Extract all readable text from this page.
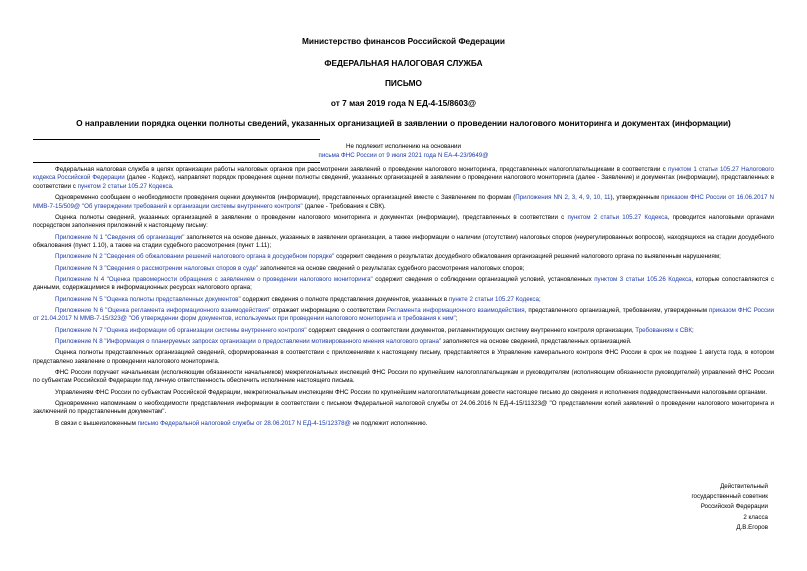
Министерство финансов Российской Федерации
ФЕДЕРАЛЬНАЯ НАЛОГОВАЯ СЛУЖБА
ПИСЬМО
от 7 мая 2019 года N ЕД-4-15/8603@
О направлении порядка оценки полноты сведений, указанных организацией в заявлении о проведении налогового мониторинга и документах (информации)
Не подлежит исполнению на основании
письма ФНС России от 9 июля 2021 года N ЕА-4-23/9649@

Федеральная налоговая служба в целях организации работы налоговых органов при рассмотрении заявлений о проведении налогового мониторинга, представленных налогоплательщиками в соответствии с пунктом 1 статьи 105.27 Налогового кодекса Российской Федерации (далее - Кодекс), направляет порядок проведения оценки полноты сведений, указанных организацией в заявлении о проведении налогового мониторинга (далее - Заявление) и документах (информации), представленных в соответствии с пунктом 2 статьи 105.27 Кодекса.

Одновременно сообщаем о необходимости проведения оценки документов (информации), представленных организацией вместе с Заявлением по формам (Приложения NN 2, 3, 4, 9, 10, 11), утвержденным приказом ФНС России от 16.06.2017 N ММВ-7-15/509@ "Об утверждении требований к организации системы внутреннего контроля" (далее - Требования к СВК).

Оценка полноты сведений, указанных организацией в заявлении о проведении налогового мониторинга и документах (информации), представленных в соответствии с пунктом 2 статьи 105.27 Кодекса, проводится налоговыми органами посредством заполнения приложений к настоящему письму:

Приложение N 1 "Сведения об организации" заполняется на основе данных, указанных в заявлении организации, а также информации о наличии (отсутствии) налоговых споров (неурегулированных вопросов), находящихся на стадии досудебного обжалования (пункт 1.10), а также на стадии судебного рассмотрения (пункт 1.11);

Приложение N 2 "Сведения об обжаловании решений налогового органа в досудебном порядке" содержит сведения о результатах досудебного обжалования организацией решений налогового органа по выявленным нарушениям;

Приложение N 3 "Сведения о рассмотрении налоговых споров в суде" заполняется на основе сведений о результатах судебного рассмотрения налоговых споров;

Приложение N 4 "Оценка правомерности обращения с заявлением о проведении налогового мониторинга" содержит сведения о соблюдении организацией условий, установленных пунктом 3 статьи 105.26 Кодекса, которые сопоставляются с данными, содержащимися в информационных ресурсах налогового органа;

Приложение N 5 "Оценка полноты представленных документов" содержит сведения о полноте представления документов, указанных в пункте 2 статьи 105.27 Кодекса;

Приложение N 6 "Оценка регламента информационного взаимодействия" отражает информацию о соответствии Регламента информационного взаимодействия, представленного организацией, требованиям, утвержденным приказом ФНС России от 21.04.2017 N ММВ-7-15/323@ "Об утверждении форм документов, используемых при проведении налогового мониторинга и требования к ним";

Приложение N 7 "Оценка информации об организации системы внутреннего контроля" содержит сведения о соответствии документов, регламентирующих систему внутреннего контроля организации, Требованиям к СВК;

Приложение N 8 "Информация о планируемых запросах организации о предоставлении мотивированного мнения налогового органа" заполняется на основе сведений, представленных организацией.

Оценка полноты представленных организацией сведений, сформированная в соответствии с приложениями к настоящему письму, представляется в Управление камерального контроля ФНС России в срок не позднее 1 августа года, в котором представлено заявление о проведении налогового мониторинга.

ФНС России поручает начальникам (исполняющим обязанности начальников) межрегиональных инспекций ФНС России по крупнейшим налогоплательщикам и руководителям (исполняющим обязанности руководителей) управлений ФНС России по субъектам Российской Федерации под личную ответственность обеспечить исполнение настоящего письма.

Управлениям ФНС России по субъектам Российской Федерации, межрегиональным инспекциям ФНС России по крупнейшим налогоплательщикам довести настоящее письмо до сведения и исполнения подведомственными налоговыми органами.

Одновременно напоминаем о необходимости представления информации в соответствии с письмом Федеральной налоговой службы от 24.06.2016 N ЕД-4-15/11323@ "О представлении копий заявлений о проведении налогового мониторинга и заключений по представленным документам".

В связи с вышеизложенным письмо Федеральной налоговой службы от 28.06.2017 N ЕД-4-15/12378@ не подлежит исполнению.

Действительный
государственный советник
Российской Федерации
2 класса
Д.В.Егоров
